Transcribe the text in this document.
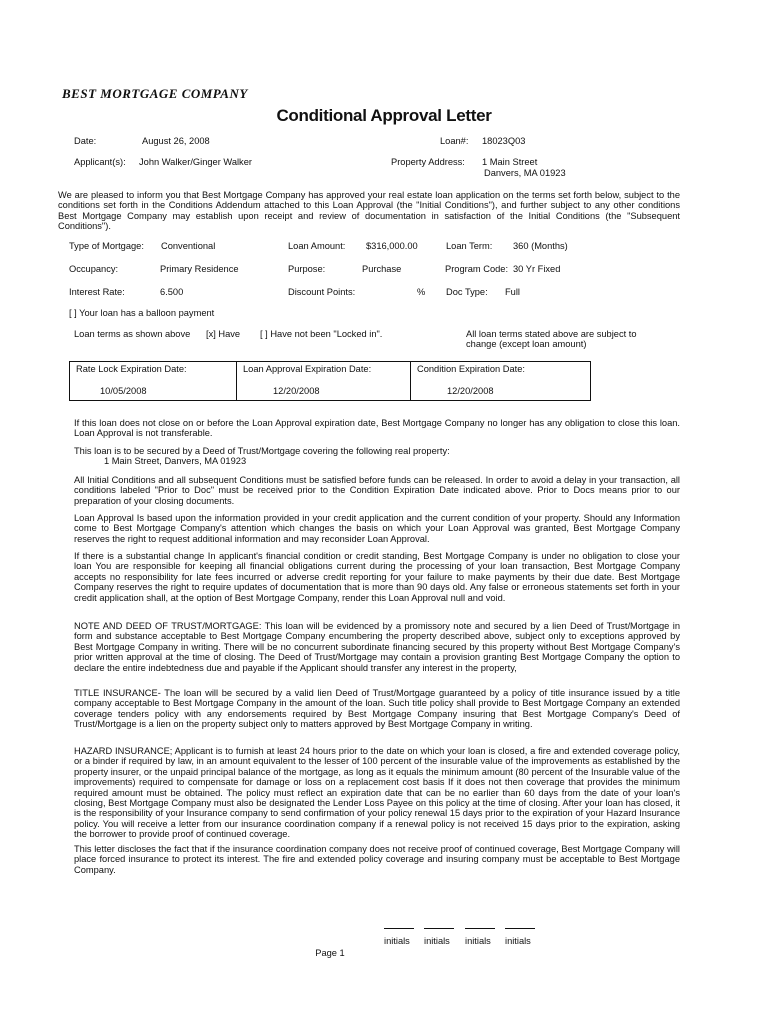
BEST MORTGAGE COMPANY
Conditional Approval Letter
Date:	August 26, 2008	Loan#: 18023Q03
Applicant(s): John Walker/Ginger Walker	Property Address: 1 Main Street
Danvers, MA 01923
We are pleased to inform you that Best Mortgage Company has approved your real estate loan application on the terms set forth below, subject to the conditions set forth in the Conditions Addendum attached to this Loan Approval (the "Initial Conditions"), and further subject to any other conditions Best Mortgage Company may establish upon receipt and review of documentation in satisfaction of the Initial Conditions (the "Subsequent Conditions").
Type of Mortgage: Conventional	Loan Amount: $316,000.00	Loan Term: 360 (Months)
Occupancy:	Primary Residence	Purpose:	Purchase	Program Code: 30 Yr Fixed
Interest Rate:	6.500	Discount Points:	% Doc Type: Full
[ ] Your loan has a balloon payment
Loan terms as shown above [x] Have [ ] Have not been "Locked in".	All loan terms stated above are subject to change (except loan amount)
Rate Lock Expiration Date:
10/05/2008

Loan Approval Expiration Date:
12/20/2008

Condition Expiration Date:
12/20/2008
If this loan does not close on or before the Loan Approval expiration date, Best Mortgage Company no longer has any obligation to close this loan. Loan Approval is not transferable.
This loan is to be secured by a Deed of Trust/Mortgage covering the following real property:
1 Main Street, Danvers, MA 01923
All Initial Conditions and all subsequent Conditions must be satisfied before funds can be released. In order to avoid a delay in your transaction, all conditions labeled "Prior to Doc" must be received prior to the Condition Expiration Date indicated above. Prior to Docs means prior to our preparation of your closing documents.
Loan Approval Is based upon the information provided in your credit application and the current condition of your property. Should any Information come to Best Mortgage Company's attention which changes the basis on which your Loan Approval was granted, Best Mortgage Company reserves the right to request additional information and may reconsider Loan Approval.
If there is a substantial change In applicant's financial condition or credit standing, Best Mortgage Company is under no obligation to close your loan You are responsible for keeping all financial obligations current during the processing of your loan transaction, Best Mortgage Company accepts no responsibility for late fees incurred or adverse credit reporting for your failure to make payments by their due date. Best Mortgage Company reserves the right to require updates of documentation that is more than 90 days old. Any false or erroneous statements set forth in your credit application shall, at the option of Best Mortgage Company, render this Loan Approval null and void.
NOTE AND DEED OF TRUST/MORTGAGE: This loan will be evidenced by a promissory note and secured by a lien Deed of Trust/Mortgage in form and substance acceptable to Best Mortgage Company encumbering the property described above, subject only to exceptions approved by Best Mortgage Company in writing. There will be no concurrent subordinate financing secured by this property without Best Mortgage Company's prior written approval at the time of closing. The Deed of Trust/Mortgage may contain a provision granting Best Mortgage Company the option to declare the entire indebtedness due and payable if the Applicant should transfer any interest in the property,
TITLE INSURANCE- The loan will be secured by a valid lien Deed of Trust/Mortgage guaranteed by a policy of title insurance issued by a title company acceptable to Best Mortgage Company in the amount of the loan. Such title policy shall provide to Best Mortgage Company an extended coverage tenders policy with any endorsements required by Best Mortgage Company insuring that Best Mortgage Company's Deed of Trust/Mortgage is a lien on the property subject only to matters approved by Best Mortgage Company in writing.
HAZARD INSURANCE; Applicant is to furnish at least 24 hours prior to the date on which your loan is closed, a fire and extended coverage policy, or a binder if required by law, in an amount equivalent to the lesser of 100 percent of the insurable value of the improvements as established by the property insurer, or the unpaid principal balance of the mortgage, as long as it equals the minimum amount (80 percent of the Insurable value of the improvements) required to compensate for damage or loss on a replacement cost basis If it does not then coverage that provides the minimum required amount must be obtained. The policy must reflect an expiration date that can be no earlier than 60 days from the date of your loan's closing, Best Mortgage Company must also be designated the Lender Loss Payee on this policy at the time of closing. After your loan has closed, it is the responsibility of your Insurance company to send confirmation of your policy renewal 15 days prior to the expiration of your Hazard Insurance policy. You will receive a letter from our insurance coordination company if a renewal policy is not received 15 days prior to the expiration, asking the borrower to provide proof of continued coverage.
This letter discloses the fact that if the insurance coordination company does not receive proof of continued coverage, Best Mortgage Company will place forced insurance to protect its interest. The fire and extended policy coverage and insuring company must be acceptable to Best Mortgage Company.
initials initials initials initials
Page 1
